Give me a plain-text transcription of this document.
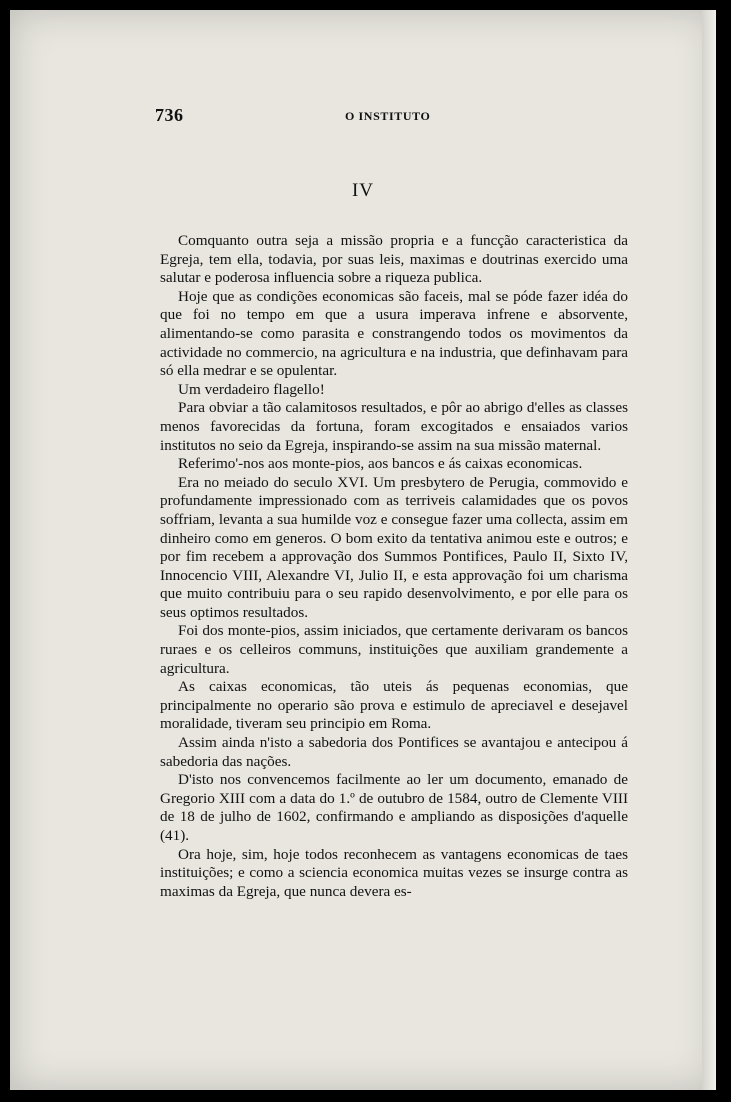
736	O INSTITUTO
IV

Comquanto outra seja a missão propria e a funcção caracteristica da Egreja, tem ella, todavia, por suas leis, maximas e doutrinas exercido uma salutar e poderosa influencia sobre a riqueza publica.

Hoje que as condições economicas são faceis, mal se póde fazer idéa do que foi no tempo em que a usura imperava infrene e absorvente, alimentando-se como parasita e constrangendo todos os movimentos da actividade no commercio, na agricultura e na industria, que definhavam para só ella medrar e se opulentar.

Um verdadeiro flagello!

Para obviar a tão calamitosos resultados, e pôr ao abrigo d'elles as classes menos favorecidas da fortuna, foram excogitados e ensaiados varios institutos no seio da Egreja, inspirando-se assim na sua missão maternal.

Referimo'-nos aos monte-pios, aos bancos e ás caixas economicas.

Era no meiado do seculo XVI. Um presbytero de Perugia, commovido e profundamente impressionado com as terriveis calamidades que os povos soffriam, levanta a sua humilde voz e consegue fazer uma collecta, assim em dinheiro como em generos. O bom exito da tentativa animou este e outros; e por fim recebem a approvação dos Summos Pontifices, Paulo II, Sixto IV, Innocencio VIII, Alexandre VI, Julio II, e esta approvação foi um charisma que muito contribuiu para o seu rapido desenvolvimento, e por elle para os seus optimos resultados.

Foi dos monte-pios, assim iniciados, que certamente derivaram os bancos ruraes e os celleiros communs, instituições que auxiliam grandemente a agricultura.

As caixas economicas, tão uteis ás pequenas economias, que principalmente no operario são prova e estimulo de apreciavel e desejavel moralidade, tiveram seu principio em Roma.

Assim ainda n'isto a sabedoria dos Pontifices se avantajou e antecipou á sabedoria das nações.

D'isto nos convencemos facilmente ao ler um documento, emanado de Gregorio XIII com a data do 1.º de outubro de 1584, outro de Clemente VIII de 18 de julho de 1602, confirmando e ampliando as disposições d'aquelle (41).

Ora hoje, sim, hoje todos reconhecem as vantagens economicas de taes instituições; e como a sciencia economica muitas vezes se insurge contra as maximas da Egreja, que nunca devera es-
